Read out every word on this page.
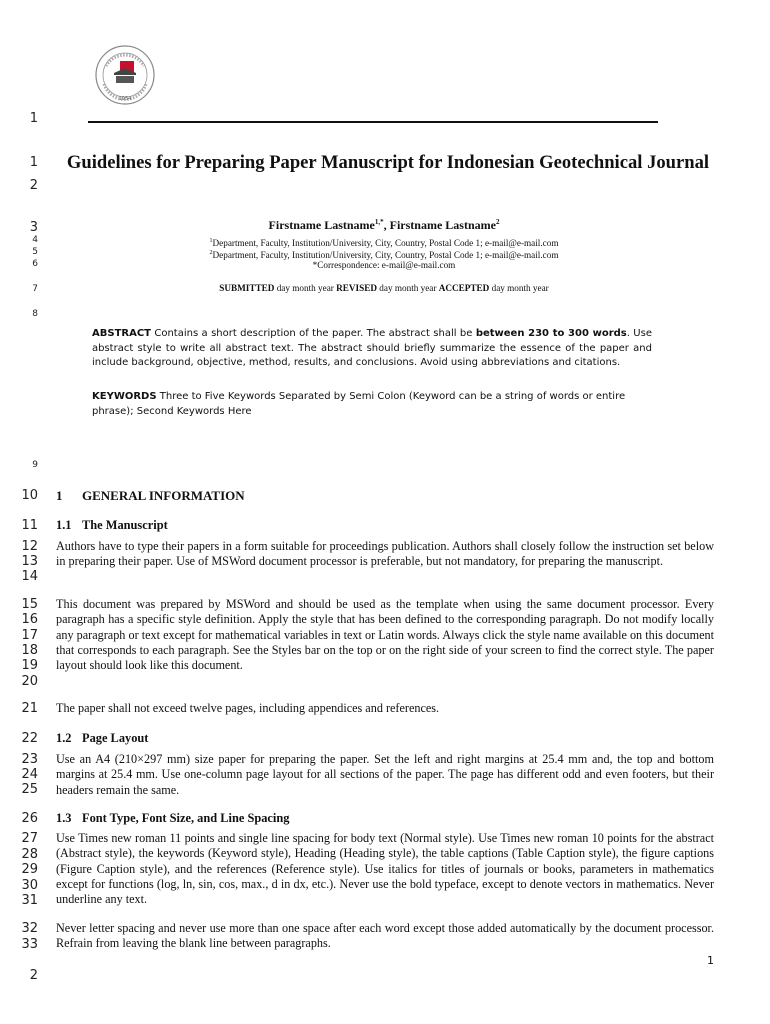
1
1
2
3
4
5
6
7
8
9
10
11
12
13
14
15
16
17
18
19
20
21
22
23
24
25
26
27
28
29
30
31
32
33
2
1954
Guidelines for Preparing Paper Manuscript for Indonesian Geotechnical Journal
Firstname Lastname$^{1,*}$, Firstname Lastname$^2$
$^1$Department, Faculty, Institution/University, City, Country, Postal Code 1; e-mail@e-mail.com
$^2$Department, Faculty, Institution/University, City, Country, Postal Code 1; e-mail@e-mail.com
*Correspondence: e-mail@e-mail.com
SUBMITTED day month year REVISED day month year ACCEPTED day month year
ABSTRACT Contains a short description of the paper. The abstract shall be between 230 to 300 words. Use abstract style to write all abstract text. The abstract should briefly summarize the essence of the paper and include background, objective, method, results, and conclusions. Avoid using abbreviations and citations.
KEYWORDS Three to Five Keywords Separated by Semi Colon (Keyword can be a string of words or entire phrase); Second Keywords Here
1 GENERAL INFORMATION
1.1 The Manuscript
Authors have to type their papers in a form suitable for proceedings publication. Authors shall closely follow the instruction set below in preparing their paper. Use of MSWord document processor is preferable, but not mandatory, for preparing the manuscript.
This document was prepared by MSWord and should be used as the template when using the same document processor. Every paragraph has a specific style definition. Apply the style that has been defined to the corresponding paragraph. Do not modify locally any paragraph or text except for mathematical variables in text or Latin words. Always click the style name available on this document that corresponds to each paragraph. See the Styles bar on the top or on the right side of your screen to find the correct style. The paper layout should look like this document.
The paper shall not exceed twelve pages, including appendices and references.
1.2 Page Layout
Use an A4 (210×297 mm) size paper for preparing the paper. Set the left and right margins at 25.4 mm and, the top and bottom margins at 25.4 mm. Use one-column page layout for all sections of the paper. The page has different odd and even footers, but their headers remain the same.
1.3 Font Type, Font Size, and Line Spacing
Use Times new roman 11 points and single line spacing for body text (Normal style). Use Times new roman 10 points for the abstract (Abstract style), the keywords (Keyword style), Heading (Heading style), the table captions (Table Caption style), the figure captions (Figure Caption style), and the references (Reference style). Use italics for titles of journals or books, parameters in mathematics except for functions (log, ln, sin, cos, max., d in dx, etc.). Never use the bold typeface, except to denote vectors in mathematics. Never underline any text.
Never letter spacing and never use more than one space after each word except those added automatically by the document processor. Refrain from leaving the blank line between paragraphs.
1
